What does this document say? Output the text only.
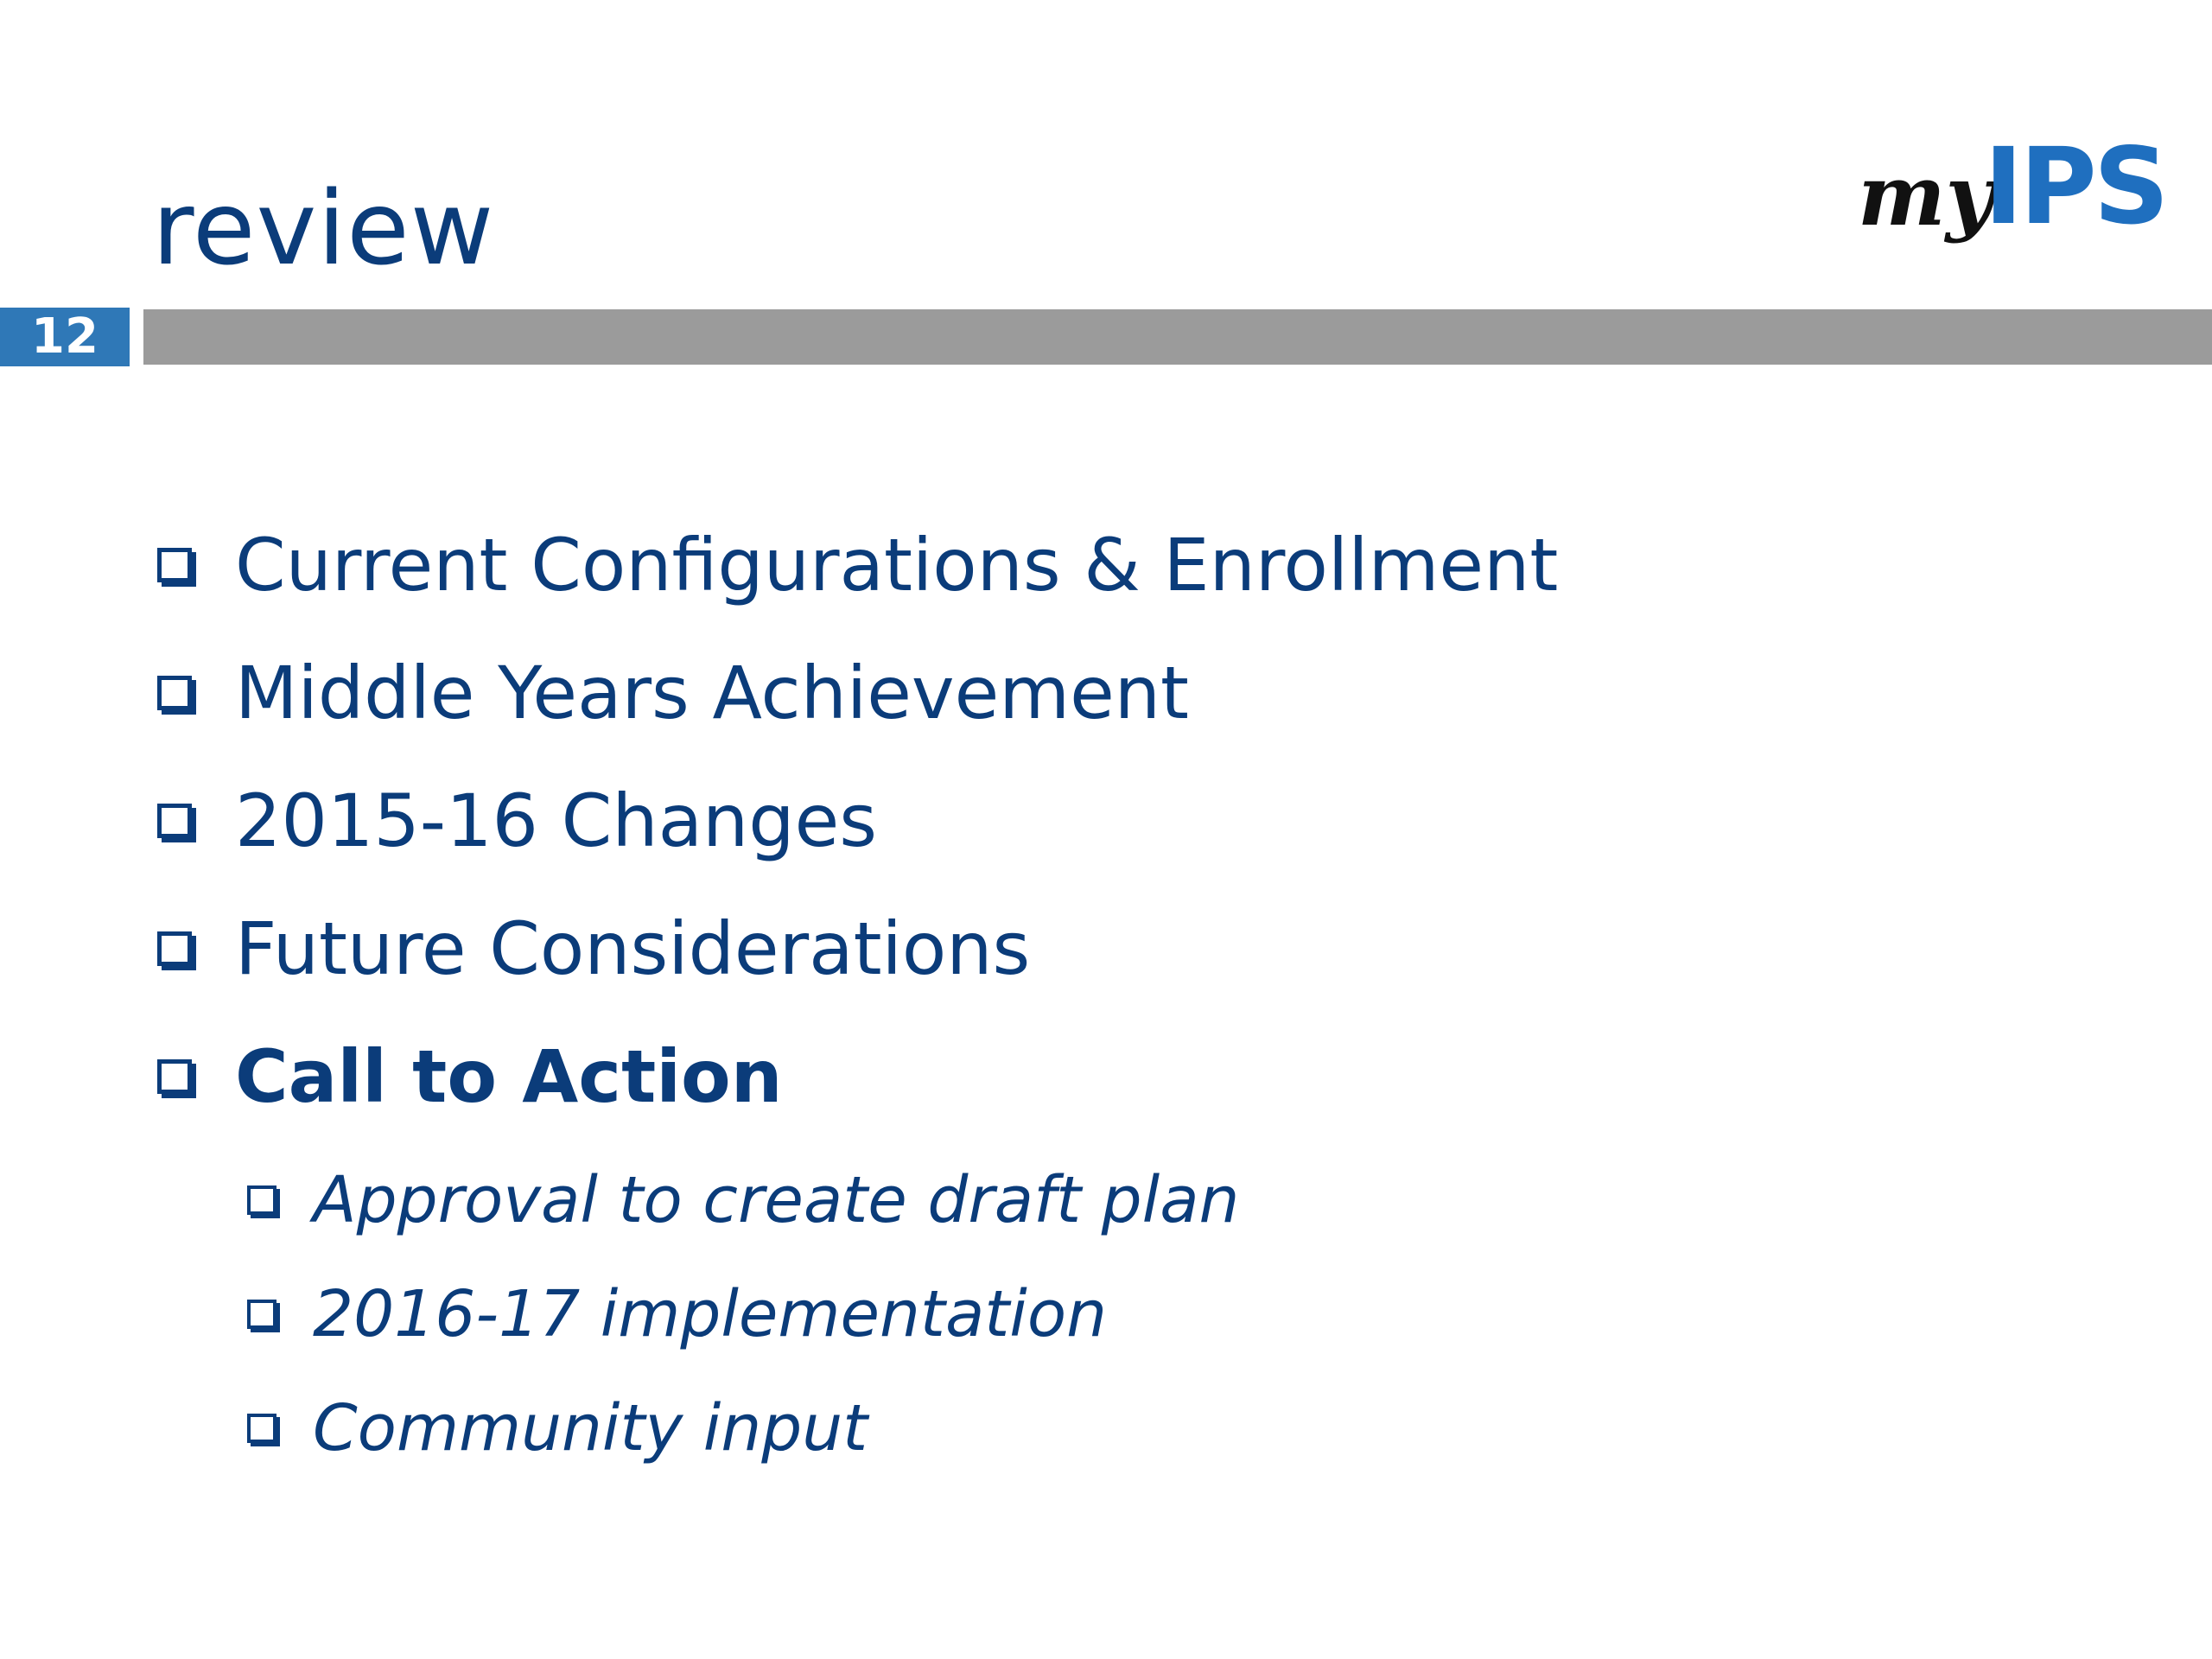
review	my
IPS
12
Current Configurations & Enrollment
Middle Years Achievement
2015-16 Changes
Future Considerations
Call to Action
Approval to create draft plan
2016-17 implementation
Community input
